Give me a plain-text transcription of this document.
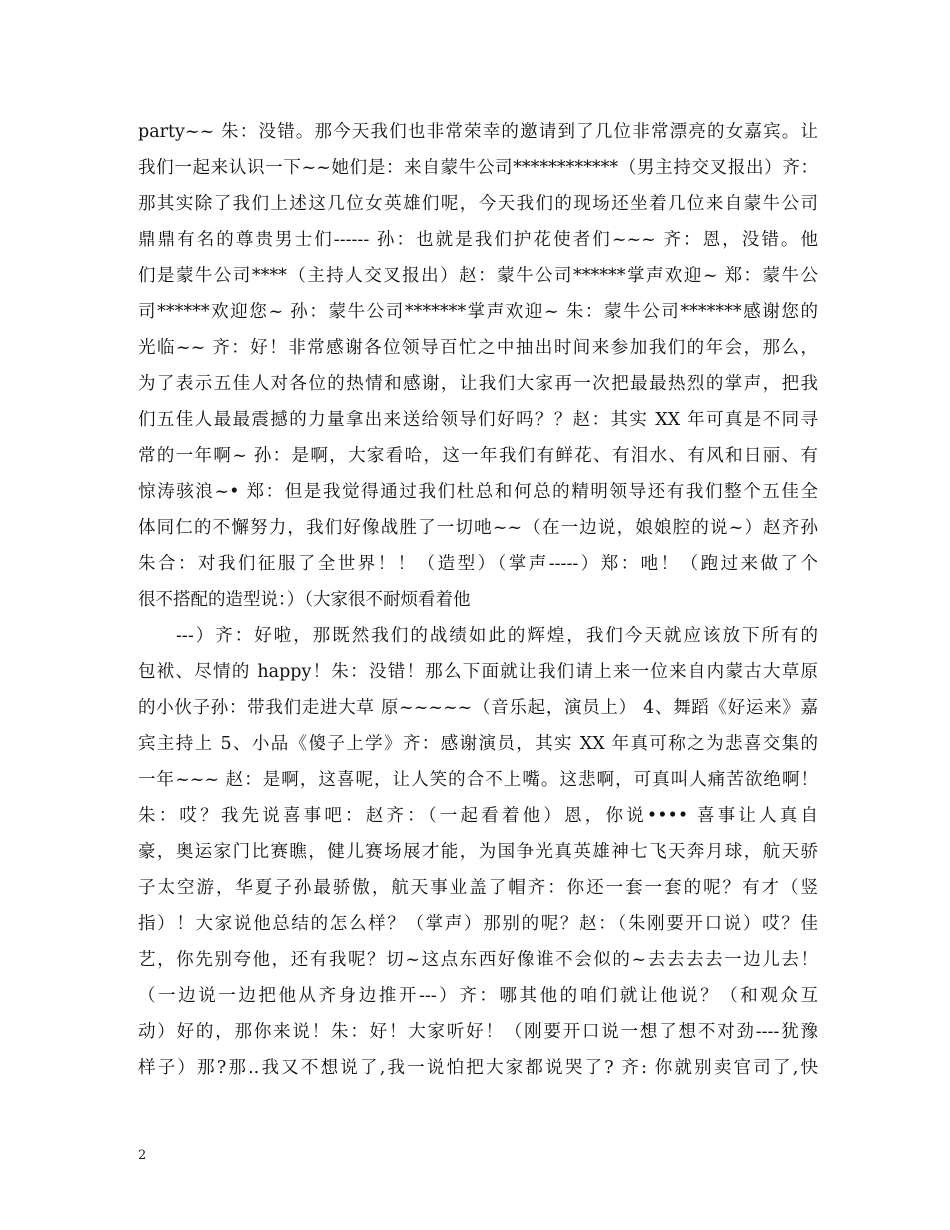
party~~ 朱：没错。那今天我们也非常荣幸的邀请到了几位非常漂亮的女嘉宾。让
我们一起来认识一下~~她们是：来自蒙牛公司************（男主持交叉报出）齐：
那其实除了我们上述这几位女英雄们呢，今天我们的现场还坐着几位来自蒙牛公司
鼎鼎有名的尊贵男士们------ 孙：也就是我们护花使者们~~~ 齐：恩，没错。他
们是蒙牛公司****（主持人交叉报出）赵：蒙牛公司******掌声欢迎~ 郑：蒙牛公
司******欢迎您~ 孙：蒙牛公司*******掌声欢迎~ 朱：蒙牛公司*******感谢您的
光临~~ 齐：好！非常感谢各位领导百忙之中抽出时间来参加我们的年会，那么，
为了表示五佳人对各位的热情和感谢，让我们大家再一次把最最热烈的掌声，把我
们五佳人最最震撼的力量拿出来送给领导们好吗？？赵：其实 XX 年可真是不同寻
常的一年啊~ 孙：是啊，大家看哈，这一年我们有鲜花、有泪水、有风和日丽、有
惊涛骇浪~• 郑：但是我觉得通过我们杜总和何总的精明领导还有我们整个五佳全
体同仁的不懈努力，我们好像战胜了一切吔~~（在一边说，娘娘腔的说~）赵齐孙
朱合：对我们征服了全世界！！（造型）（掌声-----）郑：吔！（跑过来做了个
很不搭配的造型说：）（大家很不耐烦看着他
---）齐：好啦，那既然我们的战绩如此的辉煌，我们今天就应该放下所有的
包袱、尽情的 happy！朱：没错！那么下面就让我们请上来一位来自内蒙古大草原
的小伙子孙：带我们走进大草 原~~~~~（音乐起，演员上） 4、舞蹈《好运来》嘉
宾主持上 5、小品《傻子上学》齐：感谢演员，其实 XX 年真可称之为悲喜交集的
一年~~~ 赵：是啊，这喜呢，让人笑的合不上嘴。这悲啊，可真叫人痛苦欲绝啊！
朱：哎？我先说喜事吧：赵齐：（一起看着他）恩，你说•••• 喜事让人真自
豪，奥运家门比赛瞧，健儿赛场展才能，为国争光真英雄神七飞天奔月球，航天骄
子太空游，华夏子孙最骄傲，航天事业盖了帽齐：你还一套一套的呢？有才（竖
指）！大家说他总结的怎么样？（掌声）那别的呢？赵：（朱刚要开口说）哎？佳
艺，你先别夸他，还有我呢？切~这点东西好像谁不会似的~去去去去一边儿去！
（一边说一边把他从齐身边推开---）齐：哪其他的咱们就让他说？（和观众互
动）好的，那你来说！朱：好！大家听好！（刚要开口说一想了想不对劲----犹豫
样子）那?那..我又不想说了,我一说怕把大家都说哭了? 齐: 你就别卖官司了,快
2
